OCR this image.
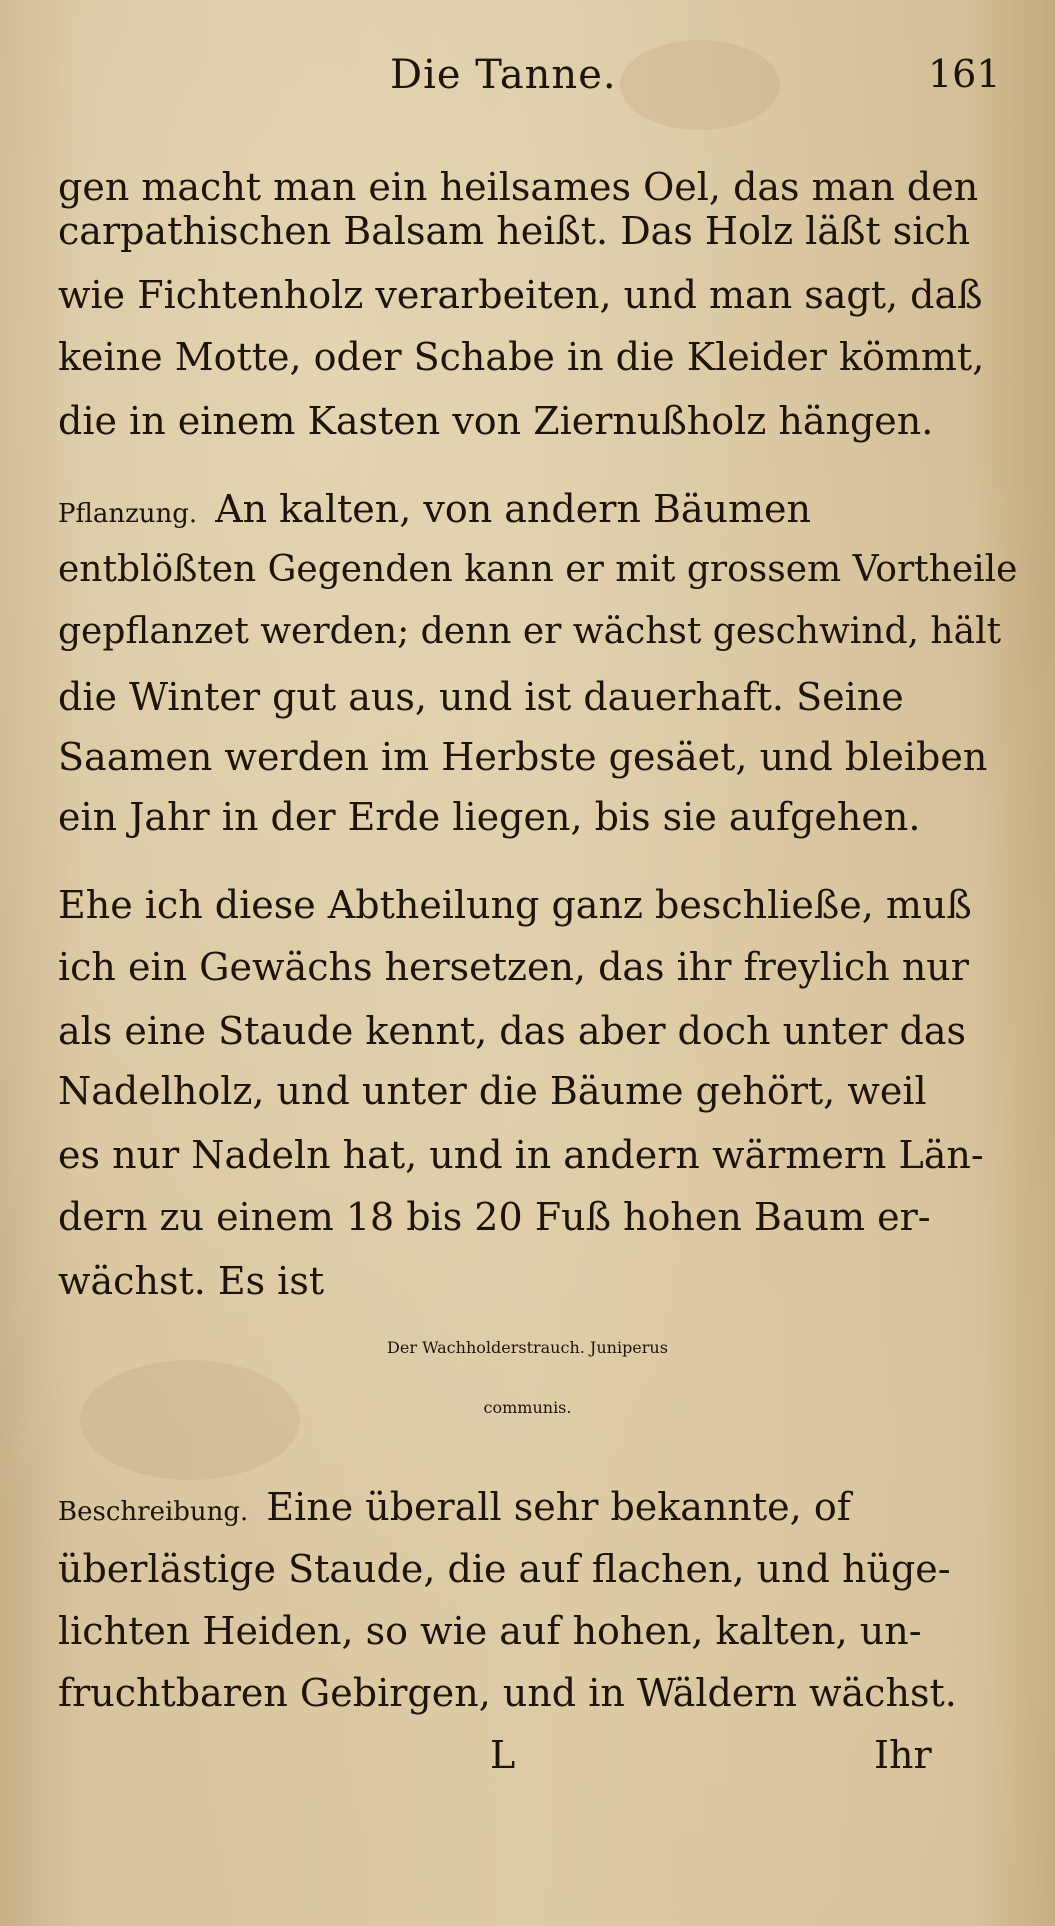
Die Tanne.	161
gen macht man ein heilsames Oel, das man den
carpathischen Balsam heißt. Das Holz läßt sich
wie Fichtenholz verarbeiten, und man sagt, daß
keine Motte, oder Schabe in die Kleider kömmt,
die in einem Kasten von Ziernußholz hängen.
Pflanzung. An kalten, von andern Bäumen
entblößten Gegenden kann er mit grossem Vortheile
gepflanzet werden; denn er wächst geschwind, hält
die Winter gut aus, und ist dauerhaft. Seine
Saamen werden im Herbste gesäet, und bleiben
ein Jahr in der Erde liegen, bis sie aufgehen.
Ehe ich diese Abtheilung ganz beschließe, muß
ich ein Gewächs hersetzen, das ihr freylich nur
als eine Staude kennt, das aber doch unter das
Nadelholz, und unter die Bäume gehört, weil
es nur Nadeln hat, und in andern wärmern Län-
dern zu einem 18 bis 20 Fuß hohen Baum er-
wächst. Es ist
Der Wachholderstrauch. Juniperus
communis.
Beschreibung. Eine überall sehr bekannte, of
überlästige Staude, die auf flachen, und hüge-
lichten Heiden, so wie auf hohen, kalten, un-
fruchtbaren Gebirgen, und in Wäldern wächst.
L	Ihr
